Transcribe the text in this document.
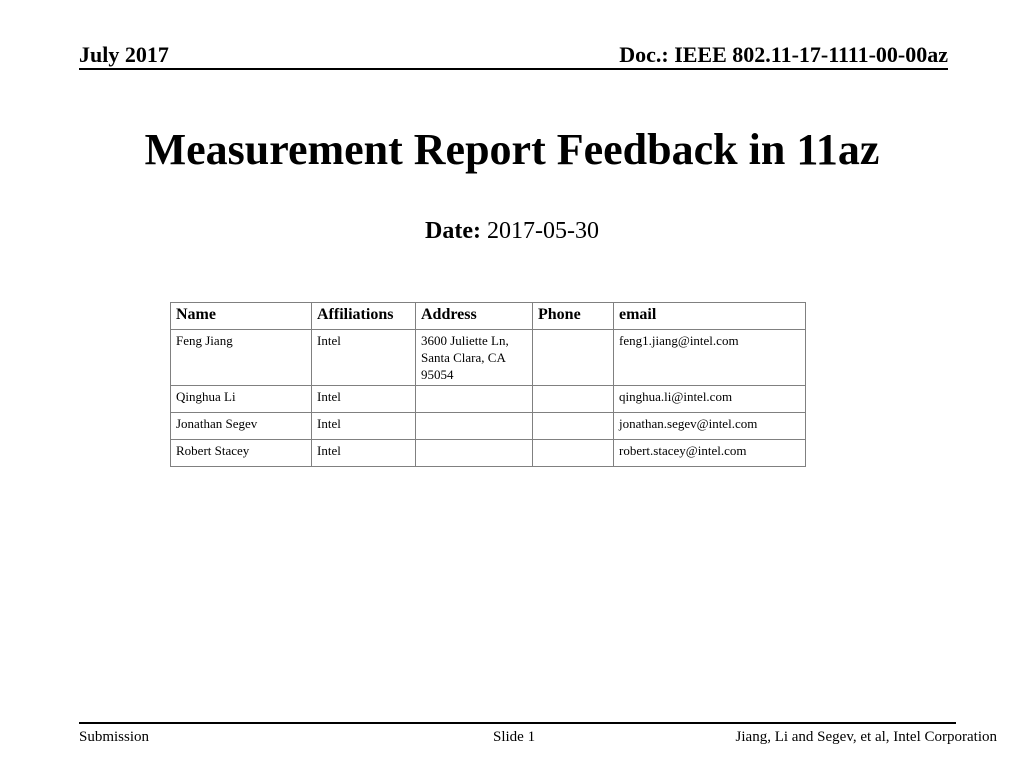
July 2017	Doc.: IEEE 802.11-17-1111-00-00az
Measurement Report Feedback in 11az
Date: 2017-05-30
Name	Affiliations	Address	Phone	email
Feng Jiang	Intel	3600 Juliette Ln,
Santa Clara, CA
95054		feng1.jiang@intel.com
Qinghua Li	Intel			qinghua.li@intel.com
Jonathan Segev	Intel			jonathan.segev@intel.com
Robert Stacey	Intel			robert.stacey@intel.com
Submission	Slide 1	Jiang, Li and Segev, et al, Intel Corporation
